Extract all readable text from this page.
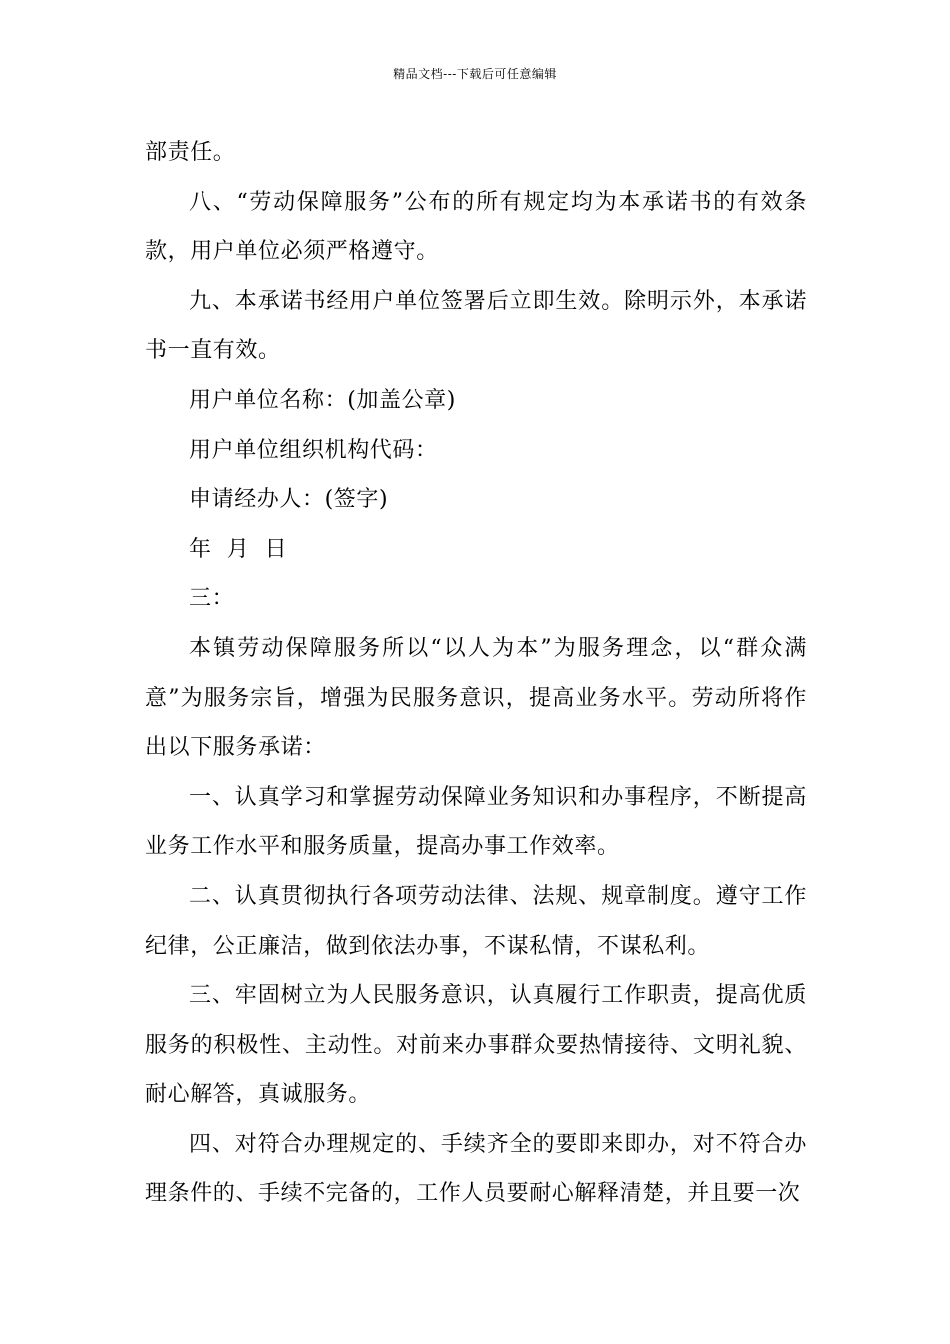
精品文档---下载后可任意编辑

部责任。

八、“劳动保障服务”公布的所有规定均为本承诺书的有效条款，用户单位必须严格遵守。

九、本承诺书经用户单位签署后立即生效。除明示外，本承诺书一直有效。

用户单位名称：(加盖公章)

用户单位组织机构代码：

申请经办人：(签字)

年  月  日

三：

本镇劳动保障服务所以“以人为本”为服务理念，以“群众满意”为服务宗旨，增强为民服务意识，提高业务水平。劳动所将作出以下服务承诺：

一、认真学习和掌握劳动保障业务知识和办事程序，不断提高业务工作水平和服务质量，提高办事工作效率。

二、认真贯彻执行各项劳动法律、法规、规章制度。遵守工作纪律，公正廉洁，做到依法办事，不谋私情，不谋私利。

三、牢固树立为人民服务意识，认真履行工作职责，提高优质服务的积极性、主动性。对前来办事群众要热情接待、文明礼貌、耐心解答，真诚服务。

四、对符合办理规定的、手续齐全的要即来即办，对不符合办理条件的、手续不完备的，工作人员要耐心解释清楚，并且要一次
